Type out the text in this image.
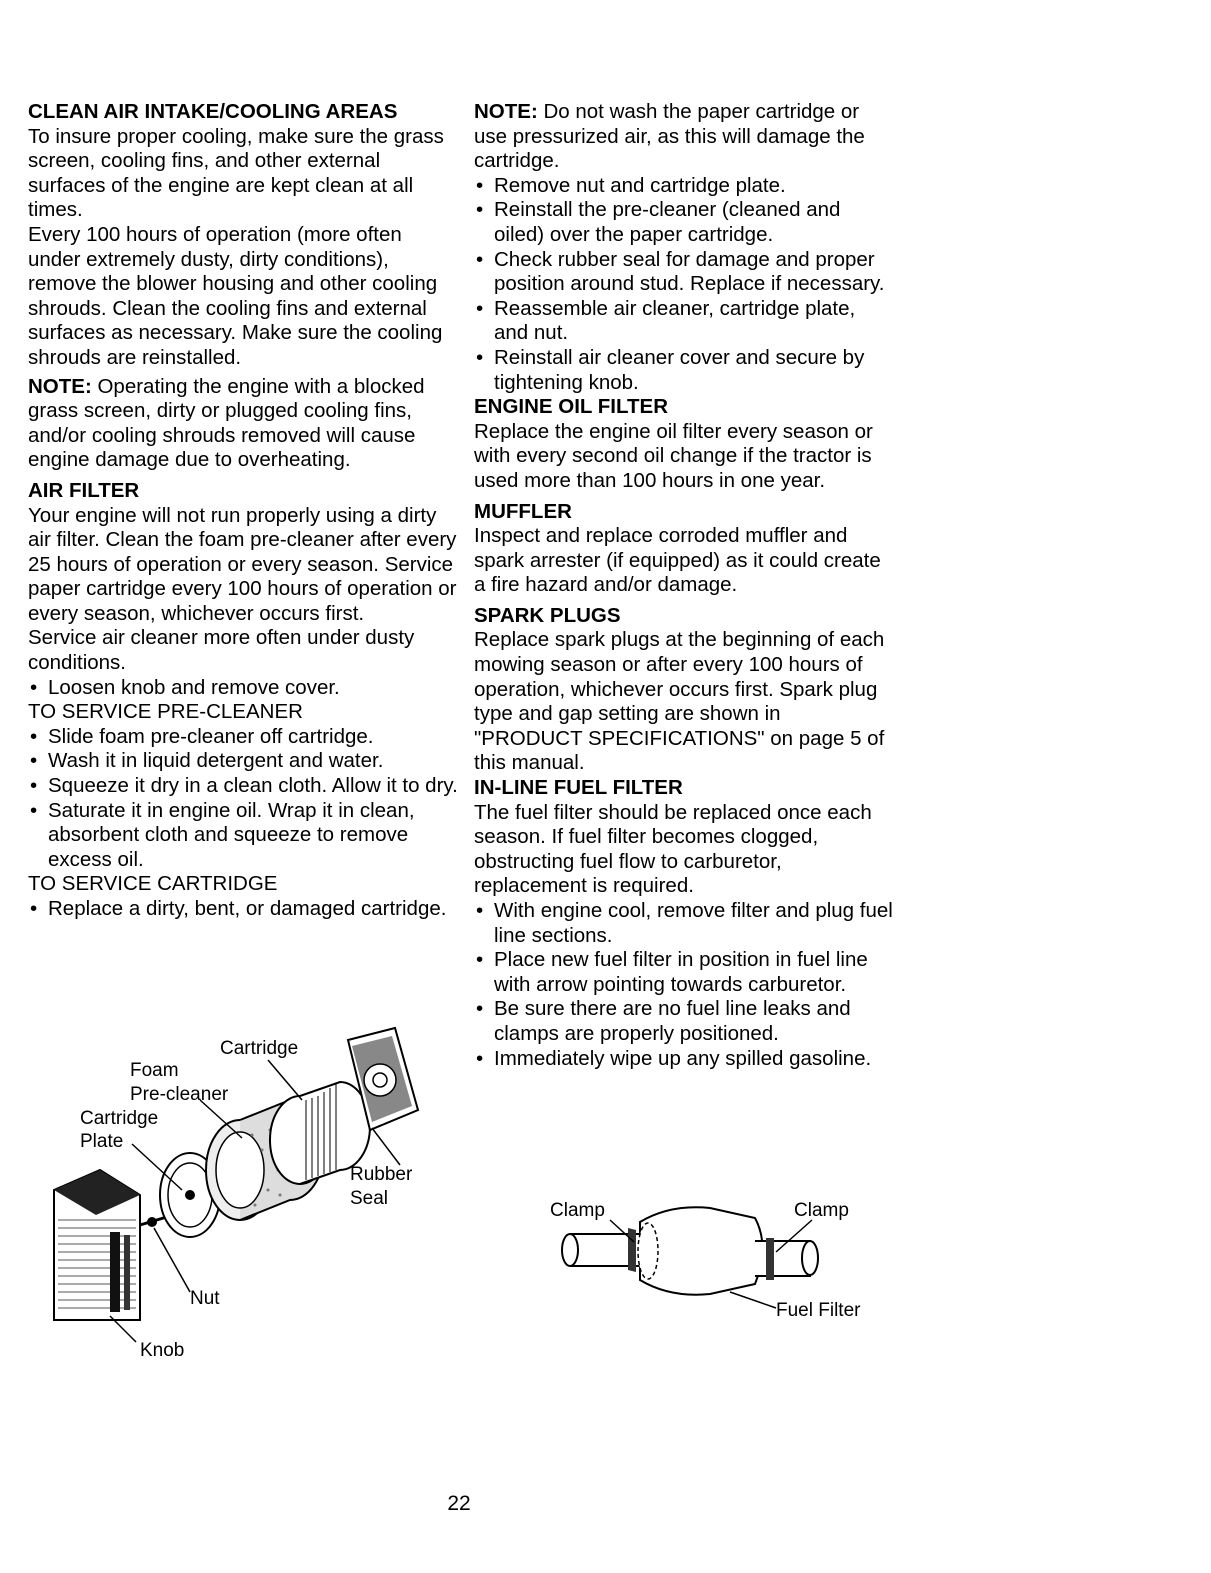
CLEAN AIR INTAKE/COOLING AREAS

To insure proper cooling, make sure the grass screen, cooling fins, and other external surfaces of the engine are kept clean at all times.

Every 100 hours of operation (more often under extremely dusty, dirty conditions), remove the blower housing and other cooling shrouds. Clean the cooling fins and external surfaces as necessary. Make sure the cooling shrouds are reinstalled.

NOTE: Operating the engine with a blocked grass screen, dirty or plugged cooling fins, and/or cooling shrouds removed will cause engine damage due to overheating.

AIR FILTER

Your engine will not run properly using a dirty air filter. Clean the foam pre-cleaner after every 25 hours of operation or every season. Service paper cartridge every 100 hours of operation or every season, whichever occurs first.

Service air cleaner more often under dusty conditions.

• Loosen knob and remove cover.

TO SERVICE PRE-CLEANER

• Slide foam pre-cleaner off cartridge.
• Wash it in liquid detergent and water.
• Squeeze it dry in a clean cloth. Allow it to dry.
• Saturate it in engine oil. Wrap it in clean, absorbent cloth and squeeze to remove excess oil.

TO SERVICE CARTRIDGE

• Replace a dirty, bent, or damaged cartridge.
Cartridge
Foam
Pre-cleaner
Cartridge
Plate
Rubber
Seal
Nut
Knob

NOTE: Do not wash the paper cartridge or use pressurized air, as this will damage the cartridge.

• Remove nut and cartridge plate.
• Reinstall the pre-cleaner (cleaned and oiled) over the paper cartridge.
• Check rubber seal for damage and proper position around stud. Replace if necessary.
• Reassemble air cleaner, cartridge plate, and nut.
• Reinstall air cleaner cover and secure by tightening knob.
ENGINE OIL FILTER

Replace the engine oil filter every season or with every second oil change if the tractor is used more than 100 hours in one year.

MUFFLER

Inspect and replace corroded muffler and spark arrester (if equipped) as it could create a fire hazard and/or damage.

SPARK PLUGS

Replace spark plugs at the beginning of each mowing season or after every 100 hours of operation, whichever occurs first. Spark plug type and gap setting are shown in "PRODUCT SPECIFICATIONS" on page 5 of this manual.

IN-LINE FUEL FILTER

The fuel filter should be replaced once each season. If fuel filter becomes clogged, obstructing fuel flow to carburetor, replacement is required.

• With engine cool, remove filter and plug fuel line sections.
• Place new fuel filter in position in fuel line with arrow pointing towards carburetor.
• Be sure there are no fuel line leaks and clamps are properly positioned.
• Immediately wipe up any spilled gasoline.
Clamp	Clamp
Fuel Filter
22
